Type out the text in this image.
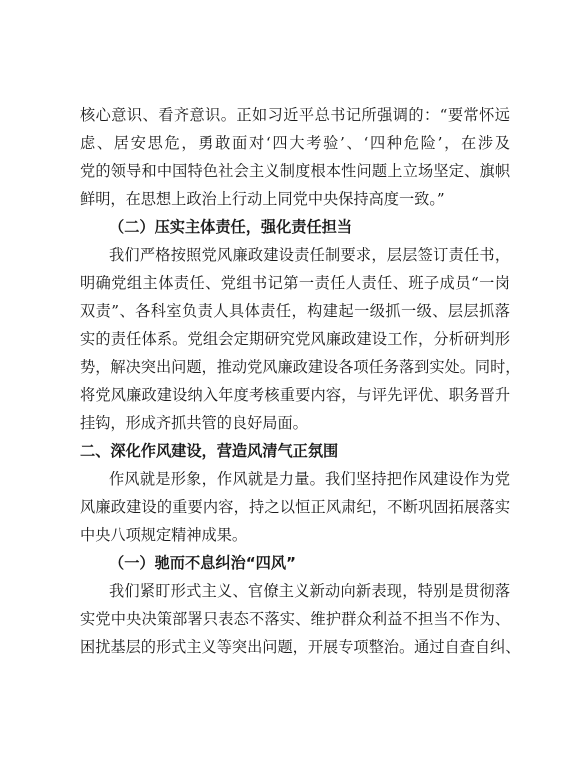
核心意识、看齐意识。正如习近平总书记所强调的：“要常怀远
虑、居安思危，勇敢面对‘四大考验’、‘四种危险’，在涉及
党的领导和中国特色社会主义制度根本性问题上立场坚定、旗帜
鲜明，在思想上政治上行动上同党中央保持高度一致。”
（二）压实主体责任，强化责任担当
我们严格按照党风廉政建设责任制要求，层层签订责任书，
明确党组主体责任、党组书记第一责任人责任、班子成员“一岗
双责”、各科室负责人具体责任，构建起一级抓一级、层层抓落
实的责任体系。党组会定期研究党风廉政建设工作，分析研判形
势，解决突出问题，推动党风廉政建设各项任务落到实处。同时，
将党风廉政建设纳入年度考核重要内容，与评先评优、职务晋升
挂钩，形成齐抓共管的良好局面。
二、深化作风建设，营造风清气正氛围
作风就是形象，作风就是力量。我们坚持把作风建设作为党
风廉政建设的重要内容，持之以恒正风肃纪，不断巩固拓展落实
中央八项规定精神成果。
（一）驰而不息纠治“四风”
我们紧盯形式主义、官僚主义新动向新表现，特别是贯彻落
实党中央决策部署只表态不落实、维护群众利益不担当不作为、
困扰基层的形式主义等突出问题，开展专项整治。通过自查自纠、
